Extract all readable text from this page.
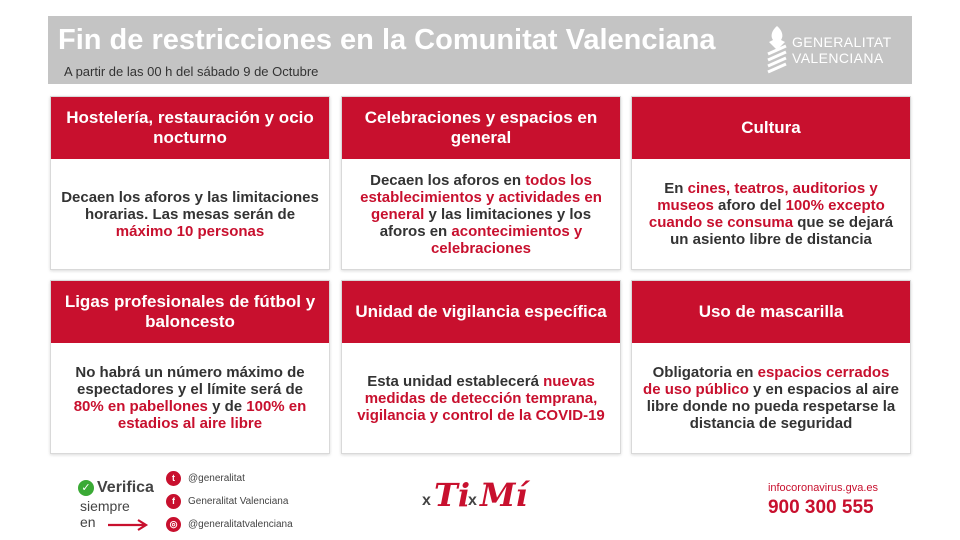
Fin de restricciones en la Comunitat Valenciana
A partir de las 00 h del sábado 9 de Octubre
GENERALITAT
VALENCIANA
Hostelería, restauración y ocio nocturno
Decaen los aforos y las limitaciones horarias. Las mesas serán de máximo 10 personas
Celebraciones y espacios en general
Decaen los aforos en todos los establecimientos y actividades en general y las limitaciones y los aforos en acontecimientos y celebraciones
Cultura
En cines, teatros, auditorios y museos aforo del 100% excepto cuando se consuma que se dejará un asiento libre de distancia
Ligas profesionales de fútbol y baloncesto
No habrá un número máximo de espectadores y el límite será de 80% en pabellones y de 100% en estadios al aire libre
Unidad de vigilancia específica
Esta unidad establecerá nuevas medidas de detección temprana, vigilancia y control de la COVID-19
Uso de mascarilla
Obligatoria en espacios cerrados de uso público y en espacios al aire libre donde no pueda respetarse la distancia de seguridad
✓ Verifica
siempre
en
t	@generalitat
f	Generalitat Valenciana
◎	@generalitatvalenciana
x Ti
x Mí	infocoronavirus.gva.es
900 300 555
